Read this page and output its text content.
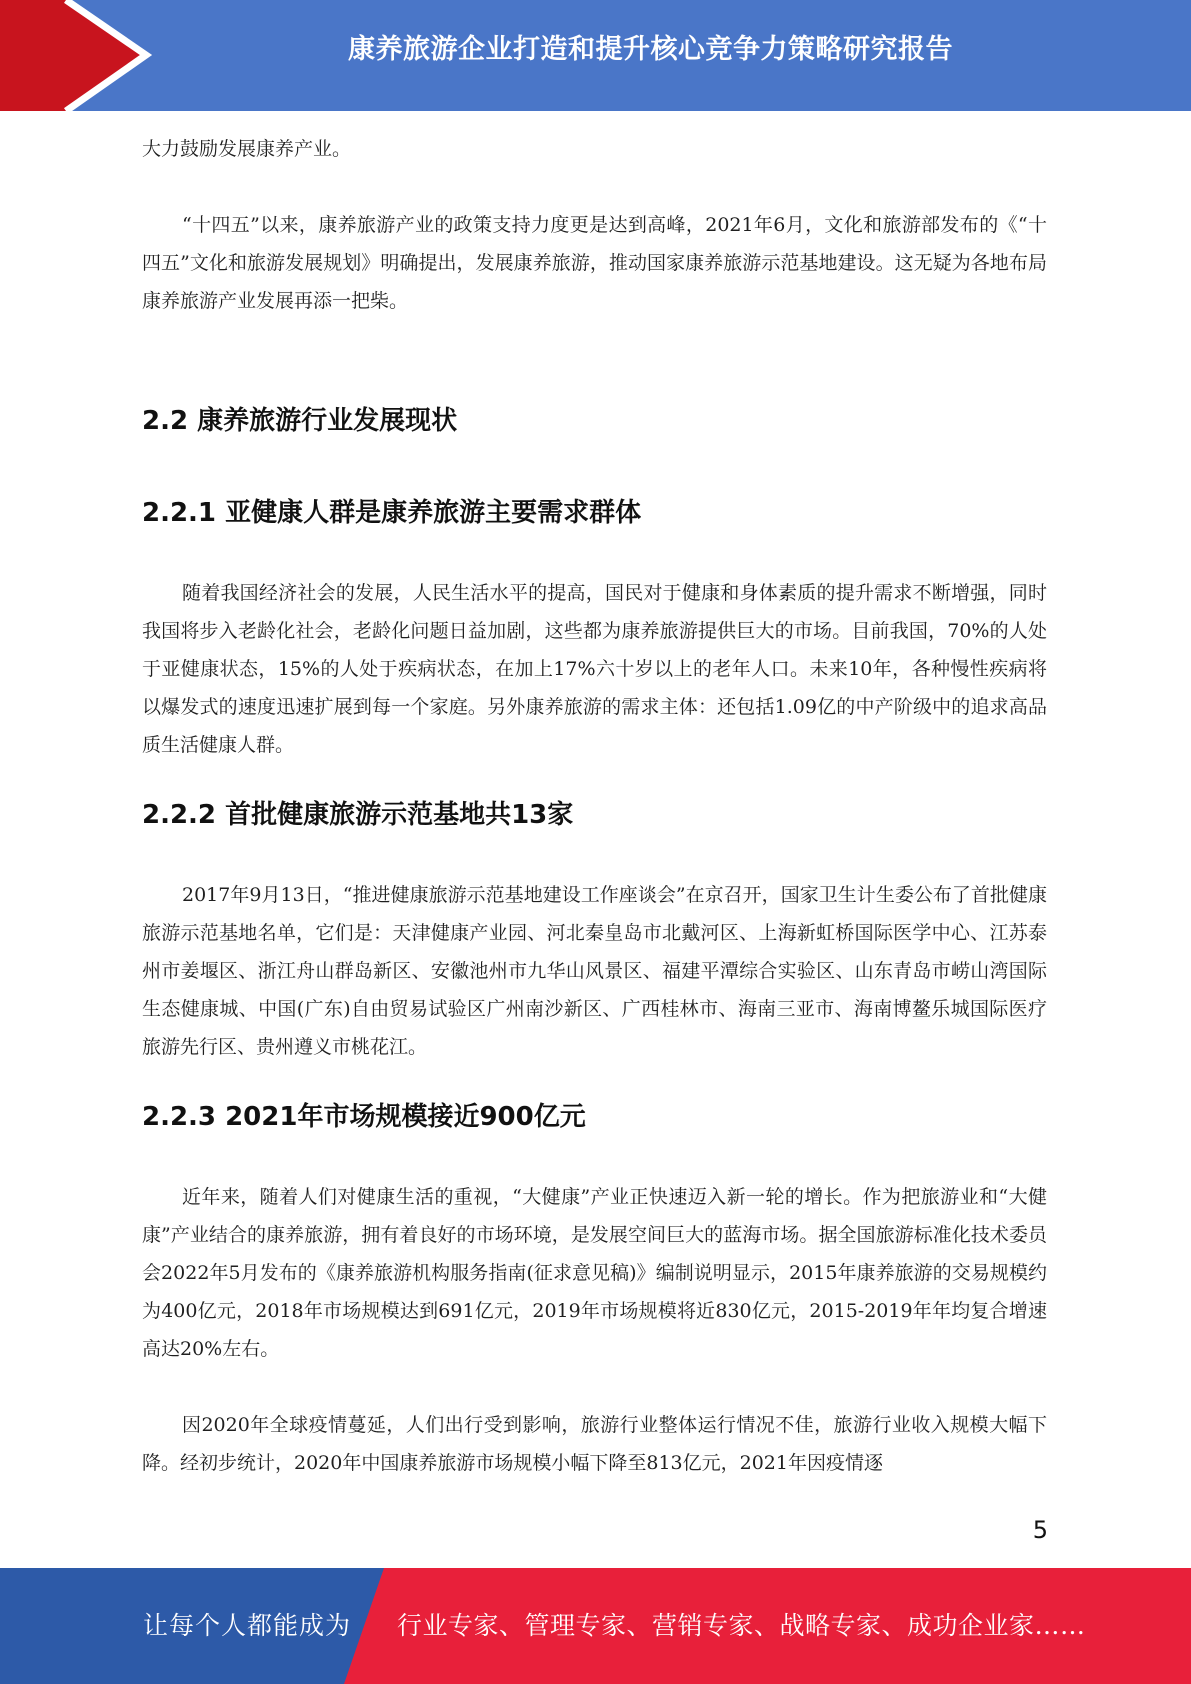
康养旅游企业打造和提升核心竞争力策略研究报告

大力鼓励发展康养产业。

“十四五”以来，康养旅游产业的政策支持力度更是达到高峰，2021年6月，文化和旅游部发布的《“十四五”文化和旅游发展规划》明确提出，发展康养旅游，推动国家康养旅游示范基地建设。这无疑为各地布局康养旅游产业发展再添一把柴。

2.2 康养旅游行业发展现状
2.2.1 亚健康人群是康养旅游主要需求群体

随着我国经济社会的发展，人民生活水平的提高，国民对于健康和身体素质的提升需求不断增强，同时我国将步入老龄化社会，老龄化问题日益加剧，这些都为康养旅游提供巨大的市场。目前我国，70%的人处于亚健康状态，15%的人处于疾病状态，在加上17%六十岁以上的老年人口。未来10年，各种慢性疾病将以爆发式的速度迅速扩展到每一个家庭。另外康养旅游的需求主体：还包括1.09亿的中产阶级中的追求高品质生活健康人群。

2.2.2 首批健康旅游示范基地共13家

2017年9月13日，“推进健康旅游示范基地建设工作座谈会”在京召开，国家卫生计生委公布了首批健康旅游示范基地名单，它们是：天津健康产业园、河北秦皇岛市北戴河区、上海新虹桥国际医学中心、江苏泰州市姜堰区、浙江舟山群岛新区、安徽池州市九华山风景区、福建平潭综合实验区、山东青岛市崂山湾国际生态健康城、中国(广东)自由贸易试验区广州南沙新区、广西桂林市、海南三亚市、海南博鳌乐城国际医疗旅游先行区、贵州遵义市桃花江。

2.2.3 2021年市场规模接近900亿元

近年来，随着人们对健康生活的重视，“大健康”产业正快速迈入新一轮的增长。作为把旅游业和“大健康”产业结合的康养旅游，拥有着良好的市场环境，是发展空间巨大的蓝海市场。据全国旅游标准化技术委员会2022年5月发布的《康养旅游机构服务指南(征求意见稿)》编制说明显示，2015年康养旅游的交易规模约为400亿元，2018年市场规模达到691亿元，2019年市场规模将近830亿元，2015-2019年年均复合增速高达20%左右。

因2020年全球疫情蔓延，人们出行受到影响，旅游行业整体运行情况不佳，旅游行业收入规模大幅下降。经初步统计，2020年中国康养旅游市场规模小幅下降至813亿元，2021年因疫情逐

5
让每个人都能成为 行业专家、管理专家、营销专家、战略专家、成功企业家……
